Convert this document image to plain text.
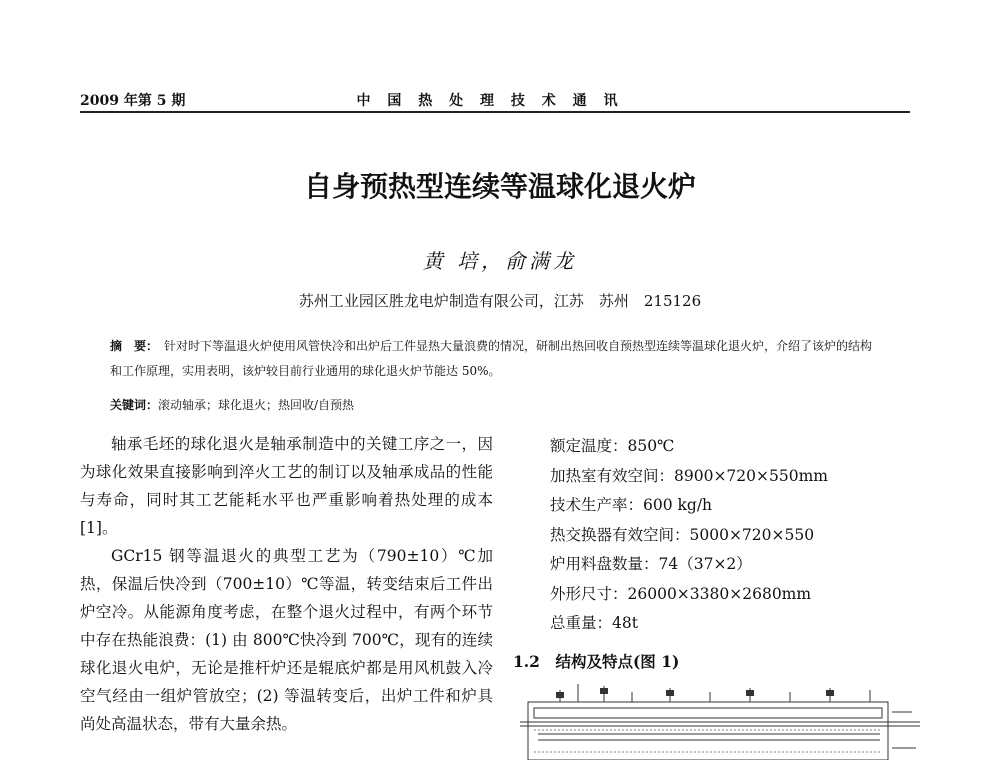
2009 年第 5 期	中 国 热 处 理 技 术 通 讯
自身预热型连续等温球化退火炉
黄 培，俞满龙
苏州工业园区胜龙电炉制造有限公司，江苏　苏州　215126
摘　要： 针对时下等温退火炉使用风管快冷和出炉后工件显热大量浪费的情况，研制出热回收自预热型连续等温球化退火炉，介绍了该炉的结构和工作原理，实用表明，该炉较目前行业通用的球化退火炉节能达 50%。
关键词：滚动轴承；球化退火；热回收/自预热

轴承毛坯的球化退火是轴承制造中的关键工序之一，因为球化效果直接影响到淬火工艺的制订以及轴承成品的性能与寿命，同时其工艺能耗水平也严重影响着热处理的成本[1]。

GCr15 钢等温退火的典型工艺为（790±10）℃加热，保温后快冷到（700±10）℃等温，转变结束后工件出炉空冷。从能源角度考虑，在整个退火过程中，有两个环节中存在热能浪费：(1) 由 800℃快冷到 700℃，现有的连续球化退火电炉，无论是推杆炉还是辊底炉都是用风机鼓入冷空气经由一组炉管放空；(2) 等温转变后，出炉工件和炉具尚处高温状态，带有大量余热。

额定温度：850℃
加热室有效空间：8900×720×550mm
技术生产率：600 kg/h
热交换器有效空间：5000×720×550
炉用料盘数量：74（37×2）
外形尺寸：26000×3380×2680mm
总重量：48t
1.2　结构及特点(图 1)
